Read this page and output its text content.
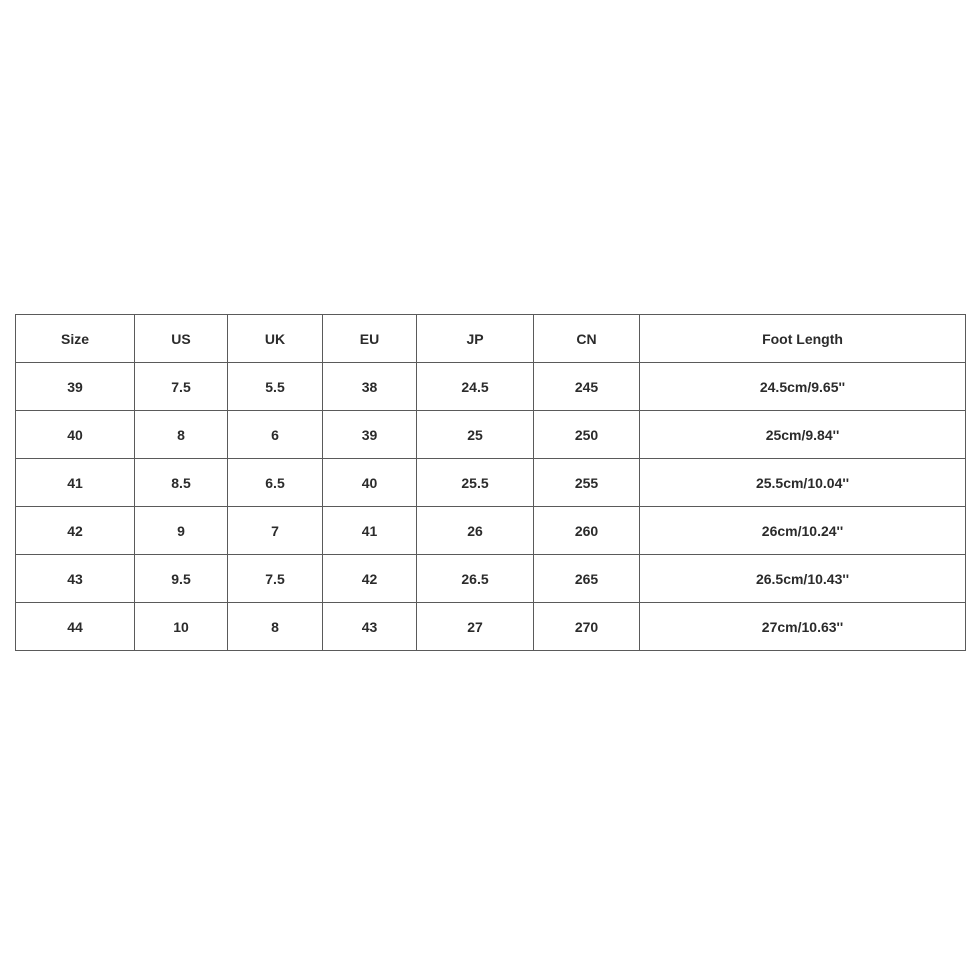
Size	US	UK	EU	JP	CN	Foot Length
39	7.5	5.5	38	24.5	245	24.5cm/9.65''
40	8	6	39	25	250	25cm/9.84''
41	8.5	6.5	40	25.5	255	25.5cm/10.04''
42	9	7	41	26	260	26cm/10.24''
43	9.5	7.5	42	26.5	265	26.5cm/10.43''
44	10	8	43	27	270	27cm/10.63''
